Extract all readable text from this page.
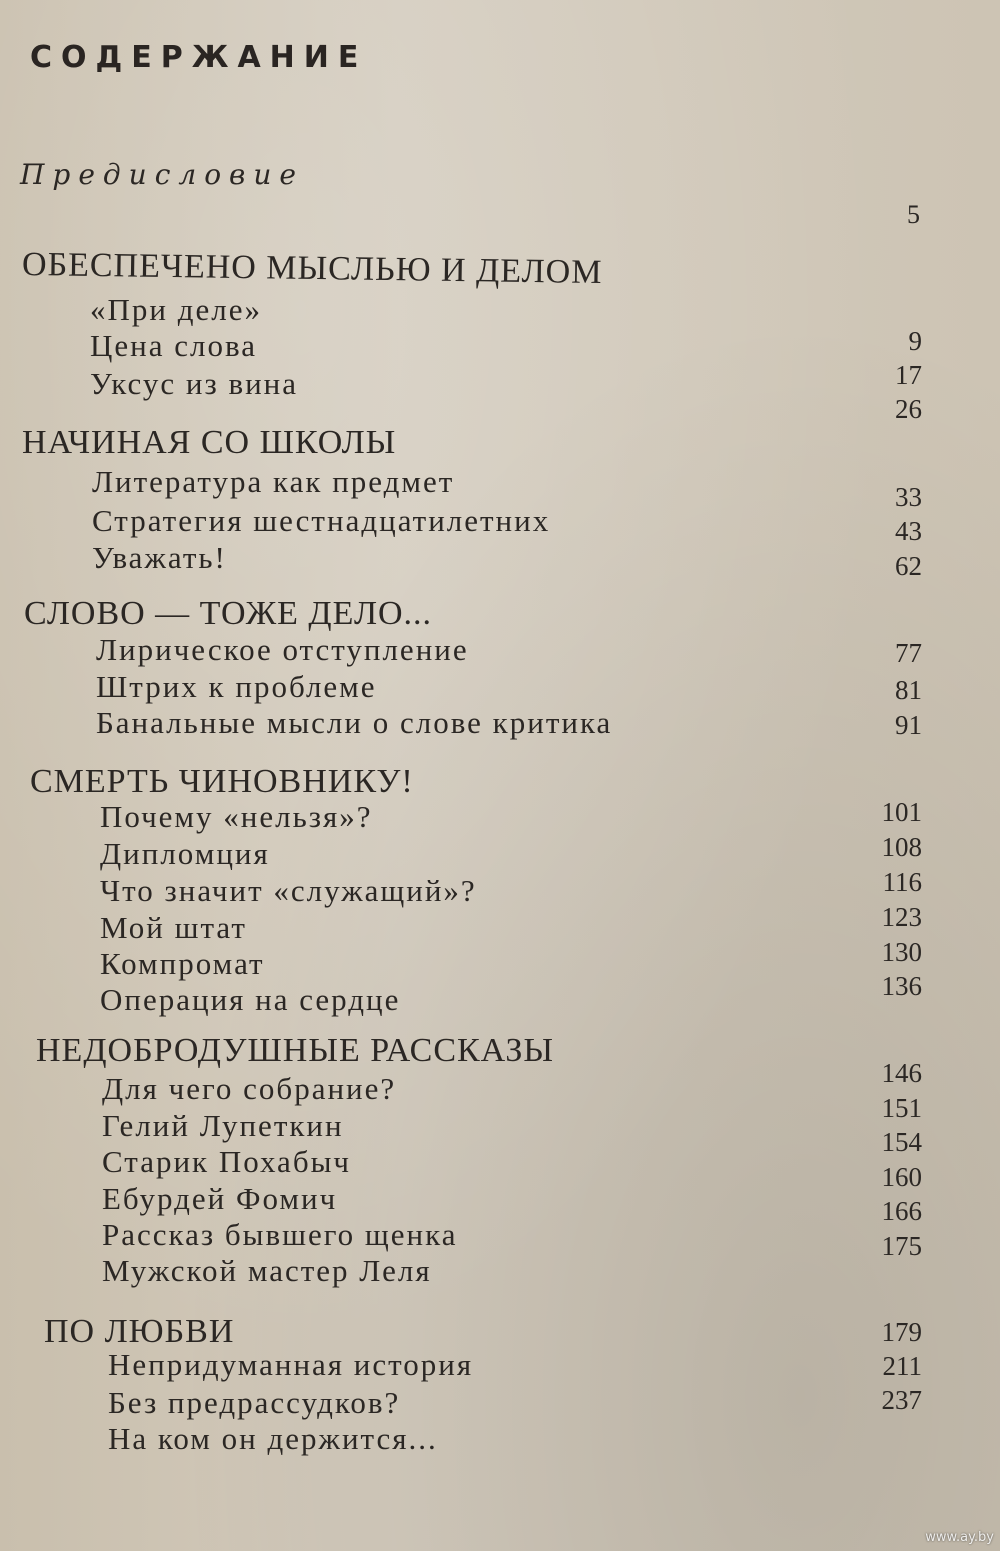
СОДЕРЖАНИЕ
Предисловие
5
ОБЕСПЕЧЕНО МЫСЛЬЮ И ДЕЛОМ
«При деле»
Цена слова
Уксус из вина
НАЧИНАЯ СО ШКОЛЫ
Литература как предмет
Стратегия шестнадцатилетних
Уважать!
СЛОВО — ТОЖЕ ДЕЛО...
Лирическое отступление
Штрих к проблеме
Банальные мысли о слове критика
СМЕРТЬ ЧИНОВНИКУ!
Почему «нельзя»?
Дипломция
Что значит «служащий»?
Мой штат
Компромат
Операция на сердце
НЕДОБРОДУШНЫЕ РАССКАЗЫ
Для чего собрание?
Гелий Лупеткин
Старик Похабыч
Ебурдей Фомич
Рассказ бывшего щенка
Мужской мастер Леля
ПО ЛЮБВИ
Непридуманная история
Без предрассудков?
На ком он держится...
9
17
26
33
43
62
77
81
91
101
108
116
123
130
136
146
151
154
160
166
175
179
211
237
www.ay.by
